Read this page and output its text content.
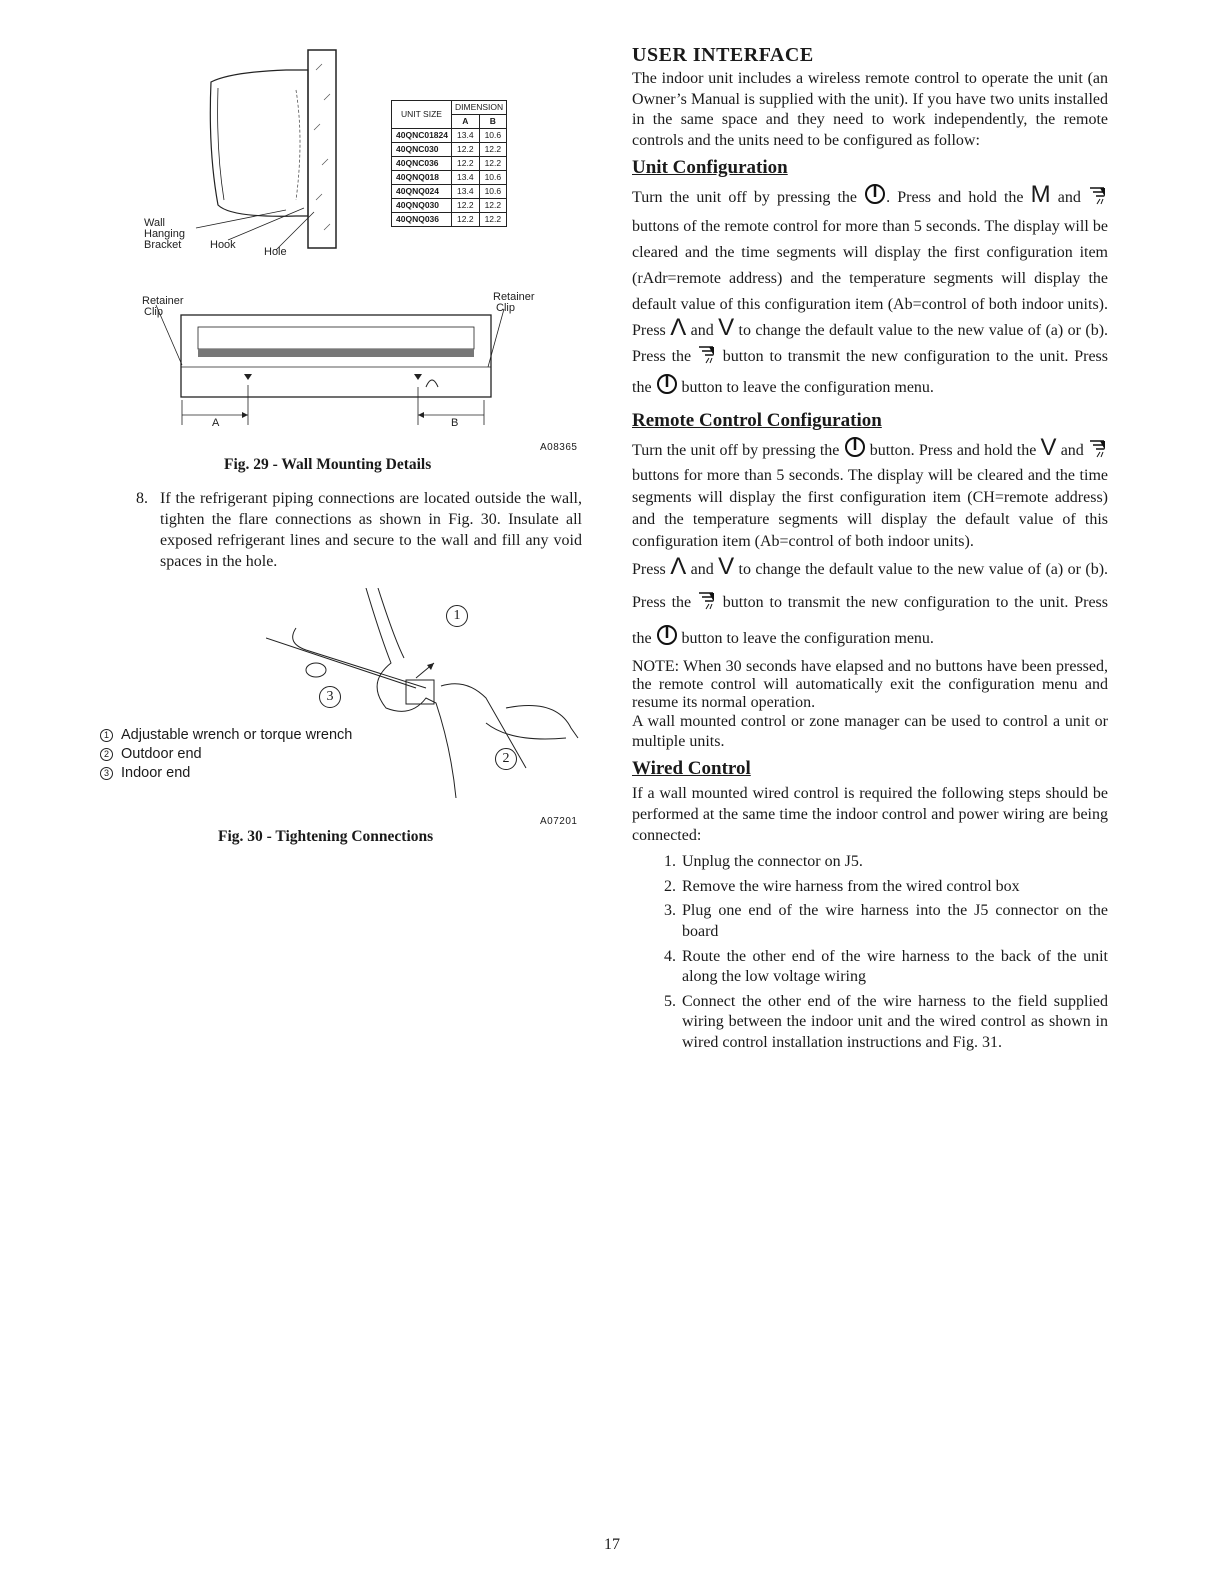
Wall
Hanging
Bracket	Hook
Hole
UNIT SIZE	DIMENSION	
	A	B
40QNC01824	13.4	10.6
40QNC030	12.2	12.2
40QNC036	12.2	12.2
40QNQ018	13.4	10.6
40QNQ024	13.4	10.6
40QNQ030	12.2	12.2
40QNQ036	12.2	12.2
Retainer
Clip
Retainer
Clip
A	B
A08365
Fig. 29 - Wall Mounting Details
8. If the refrigerant piping connections are located outside the wall, tighten the flare connections as shown in Fig. 30. Insulate all exposed refrigerant lines and secure to the wall and fill any void spaces in the hole.

1
2
3
1 Adjustable wrench or torque wrench
2 Outdoor end
3 Indoor end
A07201
Fig. 30 - Tightening Connections
USER INTERFACE

The indoor unit includes a wireless remote control to operate the unit (an Owner’s Manual is supplied with the unit). If you have two units installed in the same space and they need to work independently, the remote controls and the units need to be configured as follow:

Unit Configuration

Turn the unit off by pressing the . Press and hold the M and  buttons of the remote control for more than 5 seconds. The display will be cleared and the time segments will display the first configuration item (rAdr=remote address) and the temperature segments will display the default value of this configuration item (Ab=control of both indoor units). Press Λ and V to change the default value to the new value of (a) or (b). Press the  button to transmit the new configuration to the unit. Press the  button to leave the configuration menu.

Remote Control Configuration

Turn the unit off by pressing the  button. Press and hold the V and  buttons for more than 5 seconds. The display will be cleared and the time segments will display the first configuration item (CH=remote address) and the temperature segments will display the default value of this configuration item (Ab=control of both indoor units).

Press Λ and V to change the default value to the new value of (a) or (b). Press the  button to transmit the new configuration to the unit. Press the  button to leave the configuration menu.

NOTE: When 30 seconds have elapsed and no buttons have been pressed, the remote control will automatically exit the configuration menu and resume its normal operation.

A wall mounted control or zone manager can be used to control a unit or multiple units.

Wired Control

If a wall mounted wired control is required the following steps should be performed at the same time the indoor control and power wiring are being connected:

1. Unplug the connector on J5.
2. Remove the wire harness from the wired control box
3. Plug one end of the wire harness into the J5 connector on the board
4. Route the other end of the wire harness to the back of the unit along the low voltage wiring
5. Connect the other end of the wire harness to the field supplied wiring between the indoor unit and the wired control as shown in wired control installation instructions and Fig. 31.
17
